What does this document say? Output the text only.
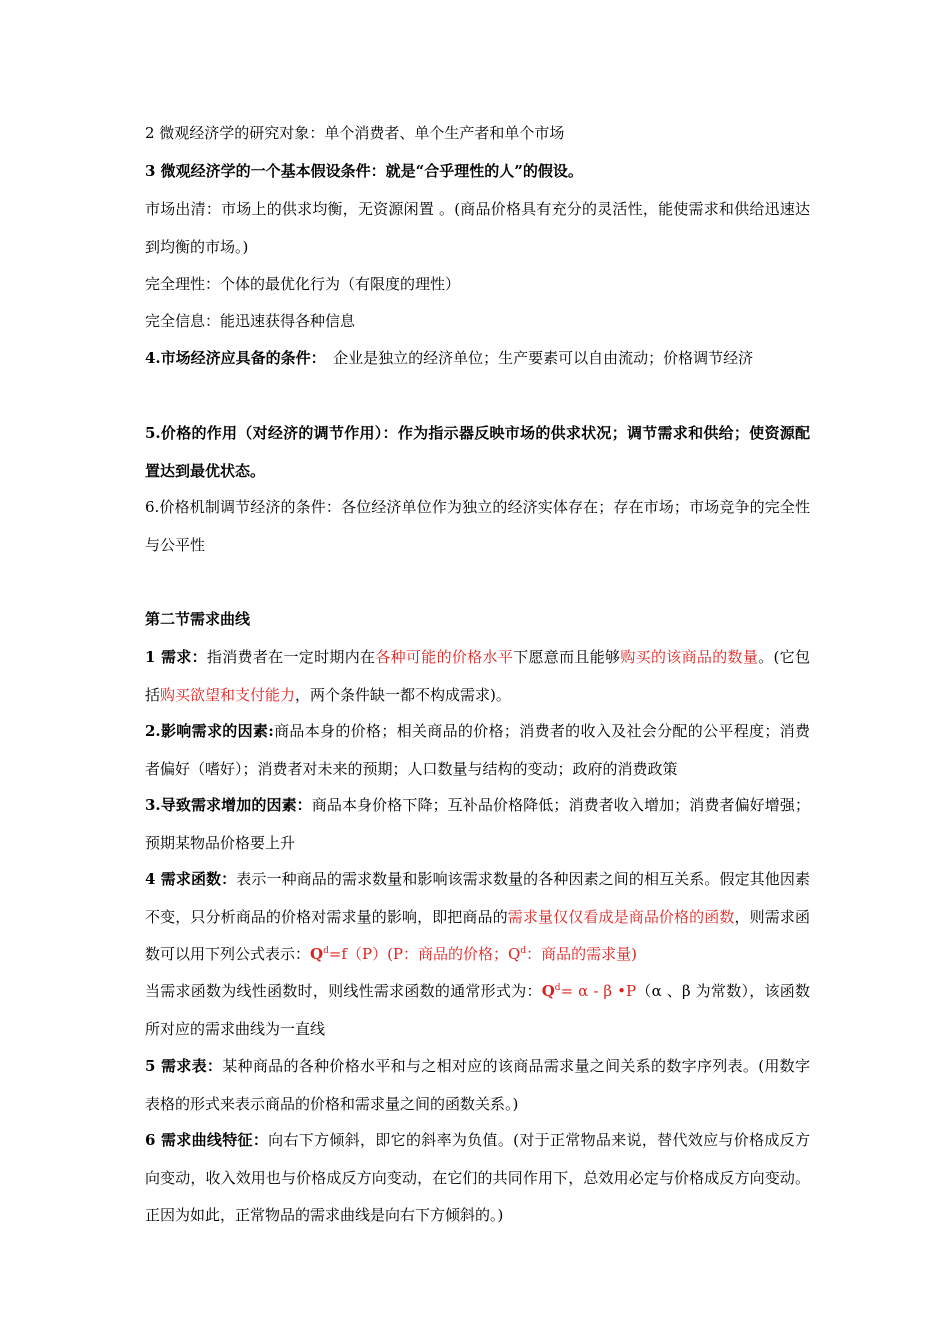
2 微观经济学的研究对象：单个消费者、单个生产者和单个市场

3 微观经济学的一个基本假设条件：就是“合乎理性的人”的假设。

市场出清：市场上的供求均衡，无资源闲置 。(商品价格具有充分的灵活性，能使需求和供给迅速达到均衡的市场。)

完全理性：个体的最优化行为（有限度的理性）

完全信息：能迅速获得各种信息

4.市场经济应具备的条件：　企业是独立的经济单位；生产要素可以自由流动；价格调节经济

5.价格的作用（对经济的调节作用）：作为指示器反映市场的供求状况；调节需求和供给；使资源配置达到最优状态。

6.价格机制调节经济的条件：各位经济单位作为独立的经济实体存在；存在市场；市场竞争的完全性与公平性

第二节需求曲线

1 需求：指消费者在一定时期内在各种可能的价格水平下愿意而且能够购买的该商品的数量。(它包括购买欲望和支付能力，两个条件缺一都不构成需求)。

2.影响需求的因素:商品本身的价格；相关商品的价格；消费者的收入及社会分配的公平程度；消费者偏好（嗜好）；消费者对未来的预期；人口数量与结构的变动；政府的消费政策

3.导致需求增加的因素：商品本身价格下降；互补品价格降低；消费者收入增加；消费者偏好增强；预期某物品价格要上升

4 需求函数：表示一种商品的需求数量和影响该需求数量的各种因素之间的相互关系。假定其他因素不变，只分析商品的价格对需求量的影响，即把商品的需求量仅仅看成是商品价格的函数，则需求函数可以用下列公式表示：$Q^d=f(P)(P$：商品的价格；$Q^d$：商品的需求量)

当需求函数为线性函数时，则线性需求函数的通常形式为：$Q^d= \alpha - \beta$ •P（α 、β 为常数），该函数所对应的需求曲线为一直线

5 需求表：某种商品的各种价格水平和与之相对应的该商品需求量之间关系的数字序列表。(用数字表格的形式来表示商品的价格和需求量之间的函数关系。)

6 需求曲线特征：向右下方倾斜，即它的斜率为负值。(对于正常物品来说，替代效应与价格成反方向变动，收入效用也与价格成反方向变动，在它们的共同作用下，总效用必定与价格成反方向变动。正因为如此，正常物品的需求曲线是向右下方倾斜的。)
